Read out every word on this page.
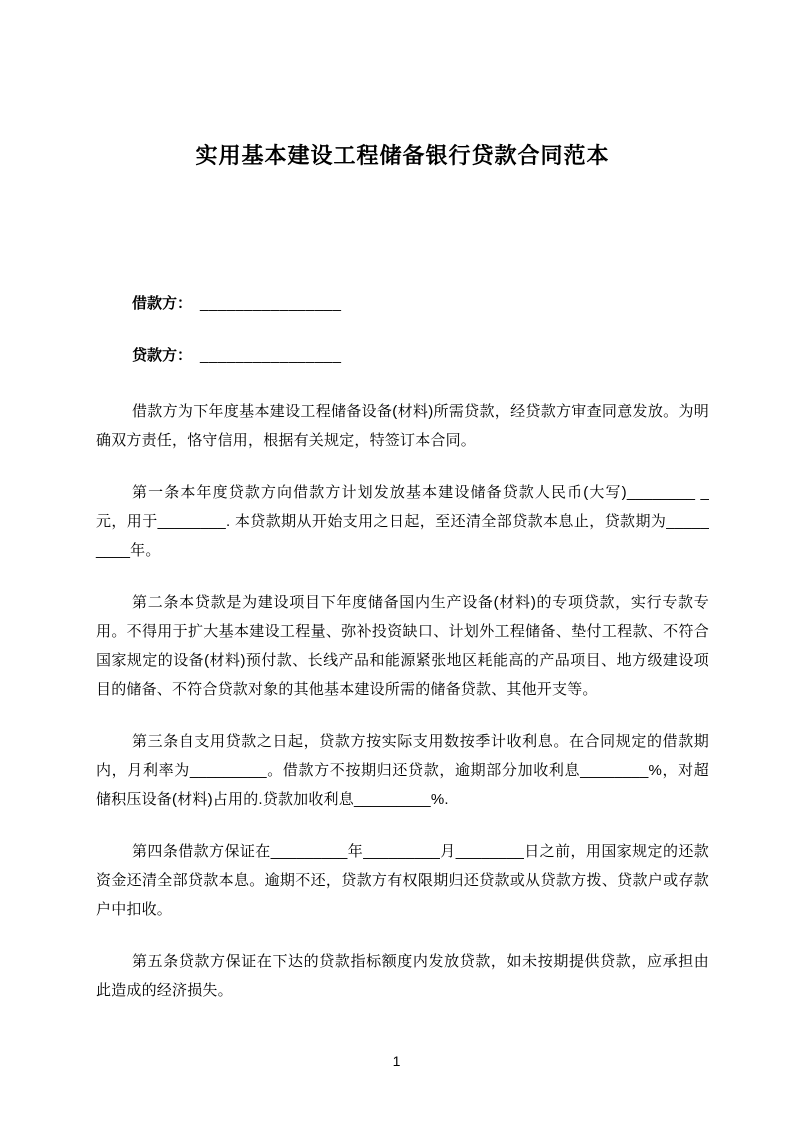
实用基本建设工程储备银行贷款合同范本

借款方： ________________

贷款方： ________________

借款方为下年度基本建设工程储备设备(材料)所需贷款，经贷款方审查同意发放。为明确双方责任，恪守信用，根据有关规定，特签订本合同。

第一条本年度贷款方向借款方计划发放基本建设储备贷款人民币(大写)________ _元，用于________. 本贷款期从开始支用之日起，至还清全部贷款本息止，贷款期为_________年。

第二条本贷款是为建设项目下年度储备国内生产设备(材料)的专项贷款，实行专款专用。不得用于扩大基本建设工程量、弥补投资缺口、计划外工程储备、垫付工程款、不符合国家规定的设备(材料)预付款、长线产品和能源紧张地区耗能高的产品项目、地方级建设项目的储备、不符合贷款对象的其他基本建设所需的储备贷款、其他开支等。

第三条自支用贷款之日起，贷款方按实际支用数按季计收利息。在合同规定的借款期内，月利率为_________。借款方不按期归还贷款，逾期部分加收利息________%，对超储积压设备(材料)占用的.贷款加收利息_________%.

第四条借款方保证在_________年_________月________日之前，用国家规定的还款资金还清全部贷款本息。逾期不还，贷款方有权限期归还贷款或从贷款方拨、贷款户或存款户中扣收。

第五条贷款方保证在下达的贷款指标额度内发放贷款，如未按期提供贷款，应承担由此造成的经济损失。

1
